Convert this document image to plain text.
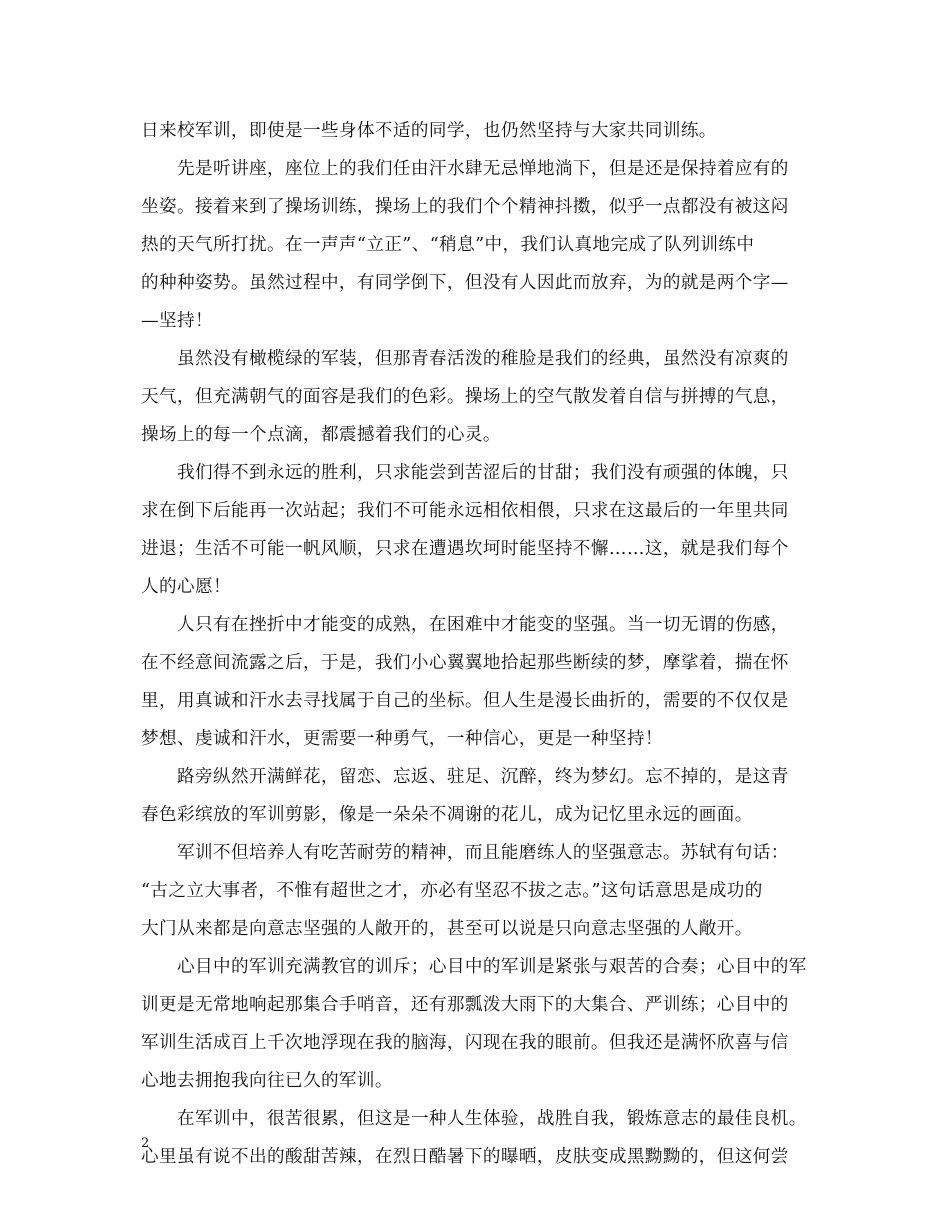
日来校军训，即使是一些身体不适的同学，也仍然坚持与大家共同训练。
先是听讲座，座位上的我们任由汗水肆无忌惮地淌下，但是还是保持着应有的
坐姿。接着来到了操场训练，操场上的我们个个精神抖擞，似乎一点都没有被这闷
热的天气所打扰。在一声声“立正”、“稍息”中，我们认真地完成了队列训练中
的种种姿势。虽然过程中，有同学倒下，但没有人因此而放弃，为的就是两个字—
—坚持！
虽然没有橄榄绿的军装，但那青春活泼的稚脸是我们的经典，虽然没有凉爽的
天气，但充满朝气的面容是我们的色彩。操场上的空气散发着自信与拼搏的气息，
操场上的每一个点滴，都震撼着我们的心灵。
我们得不到永远的胜利，只求能尝到苦涩后的甘甜；我们没有顽强的体魄，只
求在倒下后能再一次站起；我们不可能永远相依相偎，只求在这最后的一年里共同
进退；生活不可能一帆风顺，只求在遭遇坎坷时能坚持不懈……这，就是我们每个
人的心愿！
人只有在挫折中才能变的成熟，在困难中才能变的坚强。当一切无谓的伤感，
在不经意间流露之后，于是，我们小心翼翼地拾起那些断续的梦，摩挲着，揣在怀
里，用真诚和汗水去寻找属于自己的坐标。但人生是漫长曲折的，需要的不仅仅是
梦想、虔诚和汗水，更需要一种勇气，一种信心，更是一种坚持！
路旁纵然开满鲜花，留恋、忘返、驻足、沉醉，终为梦幻。忘不掉的，是这青
春色彩缤放的军训剪影，像是一朵朵不凋谢的花儿，成为记忆里永远的画面。
军训不但培养人有吃苦耐劳的精神，而且能磨练人的坚强意志。苏轼有句话：
“古之立大事者，不惟有超世之才，亦必有坚忍不拔之志。”这句话意思是成功的
大门从来都是向意志坚强的人敞开的，甚至可以说是只向意志坚强的人敞开。
心目中的军训充满教官的训斥；心目中的军训是紧张与艰苦的合奏；心目中的军
训更是无常地响起那集合手哨音，还有那瓢泼大雨下的大集合、严训练；心目中的
军训生活成百上千次地浮现在我的脑海，闪现在我的眼前。但我还是满怀欣喜与信
心地去拥抱我向往已久的军训。
在军训中，很苦很累，但这是一种人生体验，战胜自我，锻炼意志的最佳良机。
心里虽有说不出的酸甜苦辣，在烈日酷暑下的曝晒，皮肤变成黑黝黝的，但这何尝
2
